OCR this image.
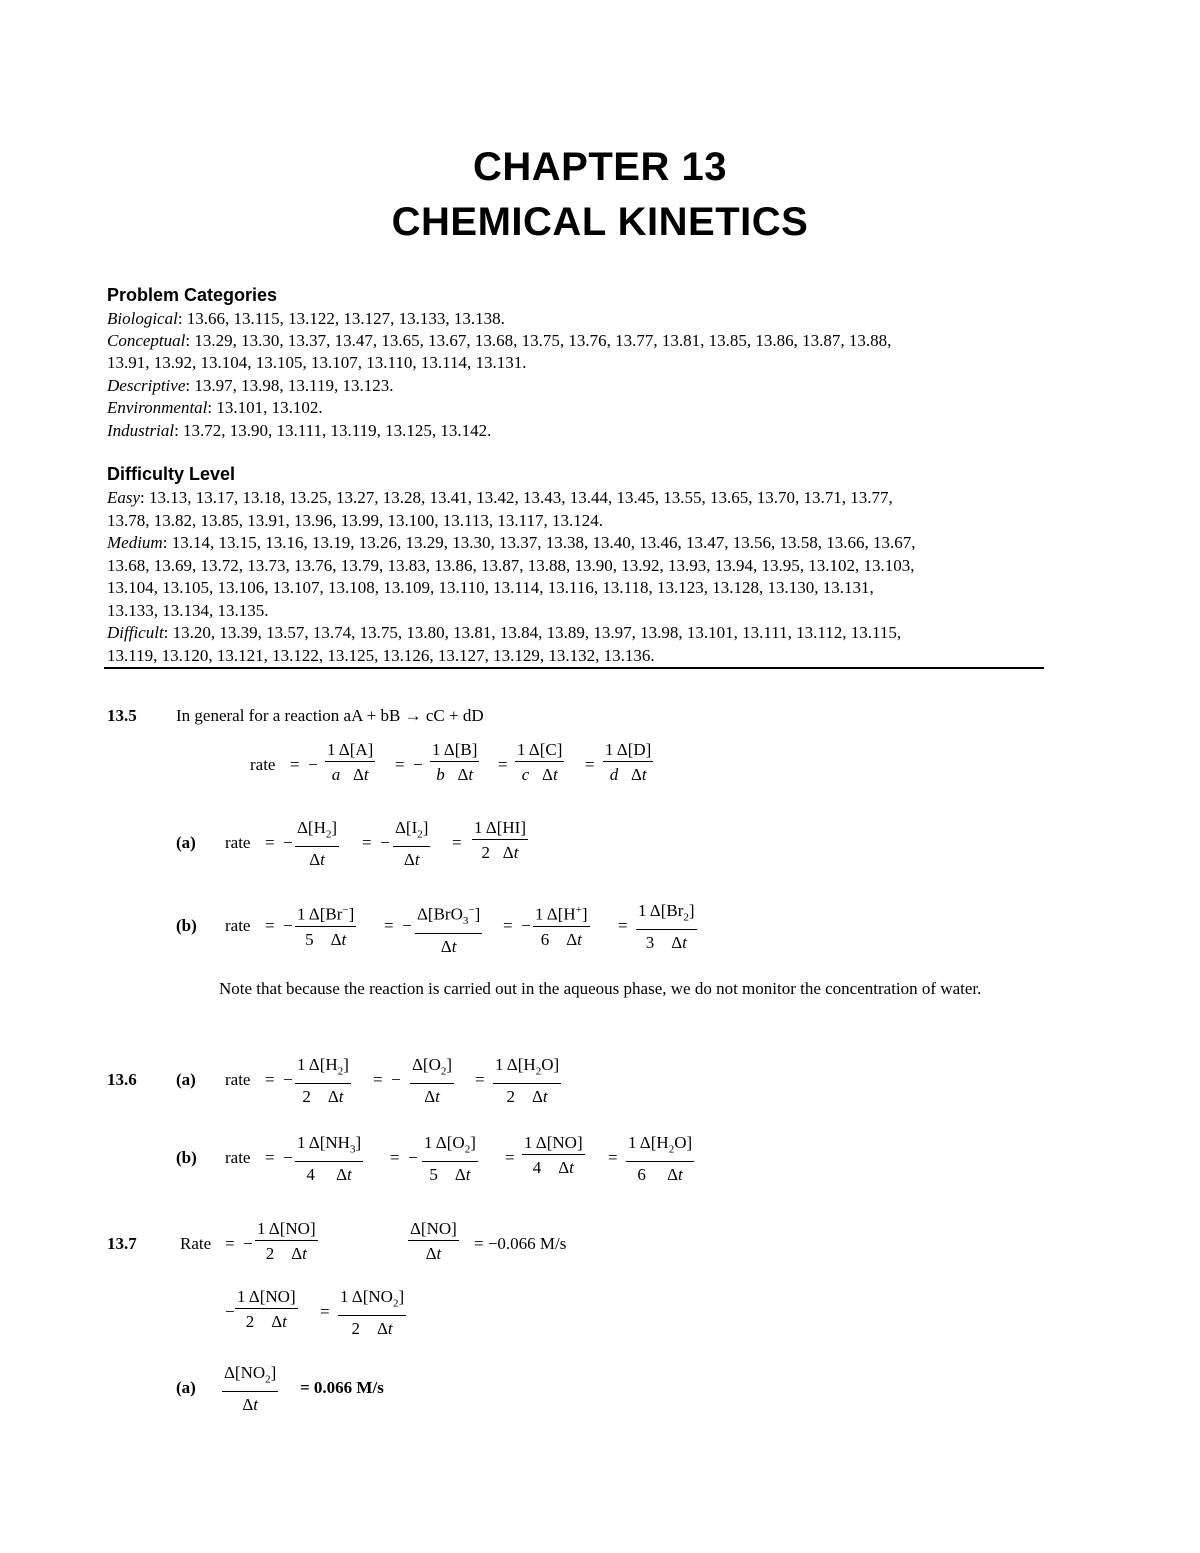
CHAPTER 13
CHEMICAL KINETICS
Problem Categories
Biological: 13.66, 13.115, 13.122, 13.127, 13.133, 13.138.
Conceptual: 13.29, 13.30, 13.37, 13.47, 13.65, 13.67, 13.68, 13.75, 13.76, 13.77, 13.81, 13.85, 13.86, 13.87, 13.88,
13.91, 13.92, 13.104, 13.105, 13.107, 13.110, 13.114, 13.131.
Descriptive: 13.97, 13.98, 13.119, 13.123.
Environmental: 13.101, 13.102.
Industrial: 13.72, 13.90, 13.111, 13.119, 13.125, 13.142.
Difficulty Level
Easy: 13.13, 13.17, 13.18, 13.25, 13.27, 13.28, 13.41, 13.42, 13.43, 13.44, 13.45, 13.55, 13.65, 13.70, 13.71, 13.77,
13.78, 13.82, 13.85, 13.91, 13.96, 13.99, 13.100, 13.113, 13.117, 13.124.
Medium: 13.14, 13.15, 13.16, 13.19, 13.26, 13.29, 13.30, 13.37, 13.38, 13.40, 13.46, 13.47, 13.56, 13.58, 13.66, 13.67,
13.68, 13.69, 13.72, 13.73, 13.76, 13.79, 13.83, 13.86, 13.87, 13.88, 13.90, 13.92, 13.93, 13.94, 13.95, 13.102, 13.103,
13.104, 13.105, 13.106, 13.107, 13.108, 13.109, 13.110, 13.114, 13.116, 13.118, 13.123, 13.128, 13.130, 13.131,
13.133, 13.134, 13.135.
Difficult: 13.20, 13.39, 13.57, 13.74, 13.75, 13.80, 13.81, 13.84, 13.89, 13.97, 13.98, 13.101, 13.111, 13.112, 13.115,
13.119, 13.120, 13.121, 13.122, 13.125, 13.126, 13.127, 13.129, 13.132, 13.136.
13.5 In general for a reaction aA + bB → cC + dD
rate =  − $\frac{1 \Delta[A]}{\text{a   Δt}}$ =  − $\frac{1 \Delta[B]}{\text{b   Δt}} = \frac{1 \Delta[C]}{\text{c   Δt}} = \frac{1 \Delta[D]}{\text{d   Δt}}$
(a) rate =  − $\frac{\Delta[H_2]}{\Delta t}$ =  − $\frac{\Delta[I_2]}{\Delta t} = \frac{1 \Delta[HI]}{2 \Delta t}$
(b) rate =  − $\frac{1 \Delta[Br^-]}{5 \Delta t}$ =  −
Δ[BrO$_3$−]
Δt
=  − $\frac{1 \Delta[H^+]}{6 \Delta t} = \frac{1 \Delta[Br_2]}{3 \Delta t}$
Note that because the reaction is carried out in the aqueous phase, we do not monitor the concentration of water.
13.6 (a) rate =  − $\frac{1 \Delta[H_2]}{2 \Delta t}$ =  − $\frac{\Delta[O_2]}{\Delta t} = \frac{1 \Delta[H_2O]}{2 \Delta t}$
(b) rate =  − $\frac{1 \Delta[NH_3]}{4 \Delta t}$ =  − $\frac{1 \Delta[O_2]}{5 \Delta t} = \frac{1 \Delta[NO]}{4 \Delta t} = \frac{1 \Delta[H_2O]}{6 \Delta t}$
13.7	Rate =  − $\frac{1 \Delta[NO]}{2 \Delta t}$	$\frac{\Delta[NO]}{\Delta t} = -0.066$ M/s
− $\frac{1 \Delta[NO]}{2 \Delta t} = \frac{1 \Delta[NO_2]}{2 \Delta t}$
$(a) \frac{\Delta[NO_2]}{\Delta t} = 0.066$ M/s
